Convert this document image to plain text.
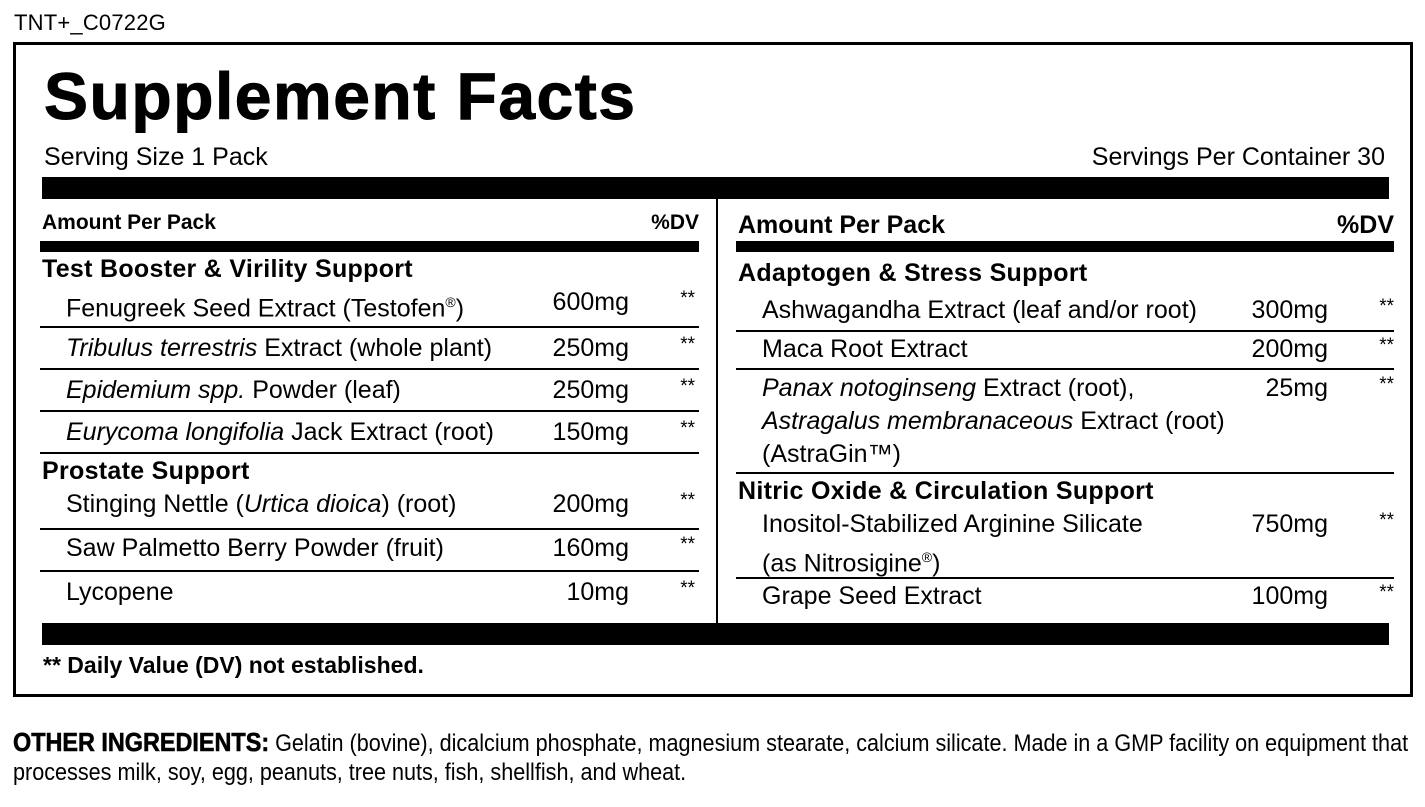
TNT+_C0722G
Supplement Facts
Serving Size 1 Pack	Servings Per Container 30
Amount Per Pack	%DV
Test Booster & Virility Support
Fenugreek Seed Extract (Testofen®)	600mg	**
Tribulus terrestris Extract (whole plant) 250mg	**
Epidemium spp. Powder (leaf)	250mg	**
Eurycoma longifolia Jack Extract (root) 150mg	**
Prostate Support
Stinging Nettle (Urtica dioica) (root)	200mg	**
Saw Palmetto Berry Powder (fruit)	160mg	**
Lycopene	10mg	**
Amount Per Pack	%DV
Adaptogen & Stress Support
Ashwagandha Extract (leaf and/or root) 300mg	**
Maca Root Extract	200mg	**
Panax notoginseng Extract (root),
Astragalus membranaceous Extract (root)
(AstraGin™)
25mg	**
Nitric Oxide & Circulation Support
Inositol-Stabilized Arginine Silicate
(as Nitrosigine®)
750mg	**
Grape Seed Extract	100mg	**
** Daily Value (DV) not established.
OTHER INGREDIENTS: Gelatin (bovine), dicalcium phosphate, magnesium stearate, calcium silicate. Made in a GMP facility on equipment that processes milk, soy, egg, peanuts, tree nuts, fish, shellfish, and wheat.
